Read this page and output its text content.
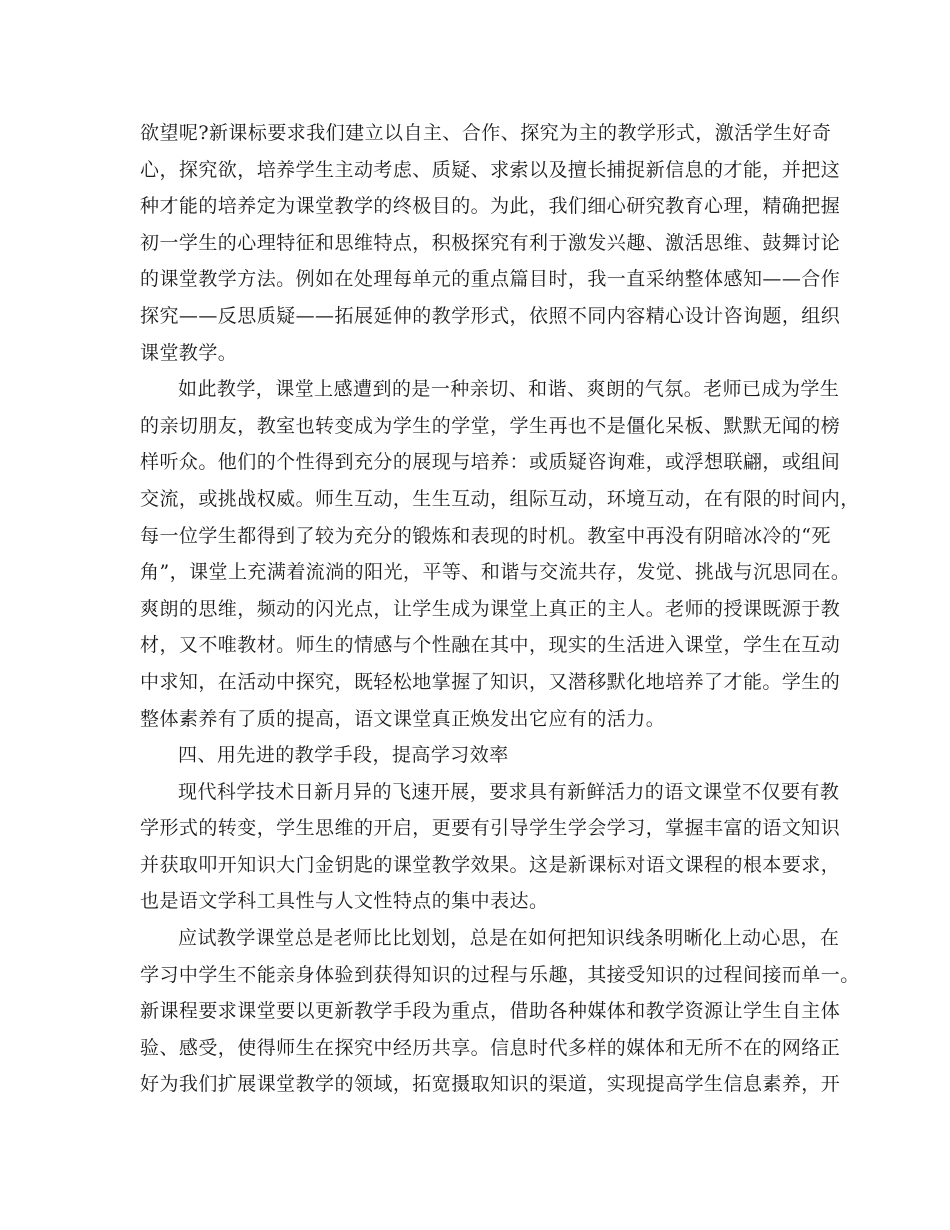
欲望呢?新课标要求我们建立以自主、合作、探究为主的教学形式，激活学生好奇
心，探究欲，培养学生主动考虑、质疑、求索以及擅长捕捉新信息的才能，并把这
种才能的培养定为课堂教学的终极目的。为此，我们细心研究教育心理，精确把握
初一学生的心理特征和思维特点，积极探究有利于激发兴趣、激活思维、鼓舞讨论
的课堂教学方法。例如在处理每单元的重点篇目时，我一直采纳整体感知——合作
探究——反思质疑——拓展延伸的教学形式，依照不同内容精心设计咨询题，组织
课堂教学。
如此教学，课堂上感遭到的是一种亲切、和谐、爽朗的气氛。老师已成为学生
的亲切朋友，教室也转变成为学生的学堂，学生再也不是僵化呆板、默默无闻的榜
样听众。他们的个性得到充分的展现与培养：或质疑咨询难，或浮想联翩，或组间
交流，或挑战权威。师生互动，生生互动，组际互动，环境互动，在有限的时间内，
每一位学生都得到了较为充分的锻炼和表现的时机。教室中再没有阴暗冰冷的“死
角”，课堂上充满着流淌的阳光，平等、和谐与交流共存，发觉、挑战与沉思同在。
爽朗的思维，频动的闪光点，让学生成为课堂上真正的主人。老师的授课既源于教
材，又不唯教材。师生的情感与个性融在其中，现实的生活进入课堂，学生在互动
中求知，在活动中探究，既轻松地掌握了知识，又潜移默化地培养了才能。学生的
整体素养有了质的提高，语文课堂真正焕发出它应有的活力。
四、用先进的教学手段，提高学习效率
现代科学技术日新月异的飞速开展，要求具有新鲜活力的语文课堂不仅要有教
学形式的转变，学生思维的开启，更要有引导学生学会学习，掌握丰富的语文知识
并获取叩开知识大门金钥匙的课堂教学效果。这是新课标对语文课程的根本要求，
也是语文学科工具性与人文性特点的集中表达。
应试教学课堂总是老师比比划划，总是在如何把知识线条明晰化上动心思，在
学习中学生不能亲身体验到获得知识的过程与乐趣，其接受知识的过程间接而单一。
新课程要求课堂要以更新教学手段为重点，借助各种媒体和教学资源让学生自主体
验、感受，使得师生在探究中经历共享。信息时代多样的媒体和无所不在的网络正
好为我们扩展课堂教学的领域，拓宽摄取知识的渠道，实现提高学生信息素养，开
